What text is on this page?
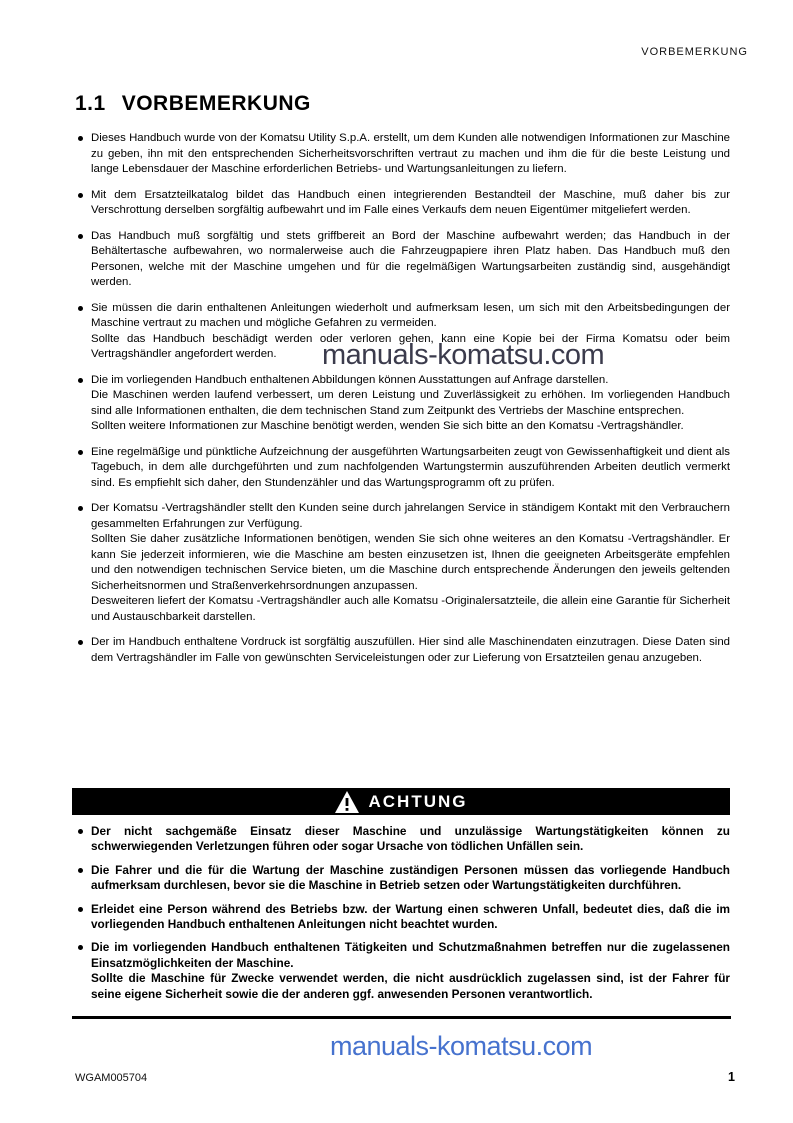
VORBEMERKUNG
1.1 VORBEMERKUNG

Dieses Handbuch wurde von der Komatsu Utility S.p.A. erstellt, um dem Kunden alle notwendigen Informationen zur Maschine zu geben, ihn mit den entsprechenden Sicherheitsvorschriften vertraut zu machen und ihm die für die beste Leistung und lange Lebensdauer der Maschine erforderlichen Betriebs- und Wartungsanleitungen zu liefern.

Mit dem Ersatzteilkatalog bildet das Handbuch einen integrierenden Bestandteil der Maschine, muß daher bis zur Verschrottung derselben sorgfältig aufbewahrt und im Falle eines Verkaufs dem neuen Eigentümer mitgeliefert werden.

Das Handbuch muß sorgfältig und stets griffbereit an Bord der Maschine aufbewahrt werden; das Handbuch in der Behältertasche aufbewahren, wo normalerweise auch die Fahrzeugpapiere ihren Platz haben. Das Handbuch muß den Personen, welche mit der Maschine umgehen und für die regelmäßigen Wartungsarbeiten zuständig sind, ausgehändigt werden.

Sie müssen die darin enthaltenen Anleitungen wiederholt und aufmerksam lesen, um sich mit den Arbeitsbedingungen der Maschine vertraut zu machen und mögliche Gefahren zu vermeiden.

Sollte das Handbuch beschädigt werden oder verloren gehen, kann eine Kopie bei der Firma Komatsu oder beim Vertragshändler angefordert werden.

Die im vorliegenden Handbuch enthaltenen Abbildungen können Ausstattungen auf Anfrage darstellen.

Die Maschinen werden laufend verbessert, um deren Leistung und Zuverlässigkeit zu erhöhen. Im vorliegenden Handbuch sind alle Informationen enthalten, die dem technischen Stand zum Zeitpunkt des Vertriebs der Maschine entsprechen.

Sollten weitere Informationen zur Maschine benötigt werden, wenden Sie sich bitte an den Komatsu -Vertragshändler.

Eine regelmäßige und pünktliche Aufzeichnung der ausgeführten Wartungsarbeiten zeugt von Gewissenhaftigkeit und dient als Tagebuch, in dem alle durchgeführten und zum nachfolgenden Wartungstermin auszuführenden Arbeiten deutlich vermerkt sind. Es empfiehlt sich daher, den Stundenzähler und das Wartungsprogramm oft zu prüfen.

Der Komatsu -Vertragshändler stellt den Kunden seine durch jahrelangen Service in ständigem Kontakt mit den Verbrauchern gesammelten Erfahrungen zur Verfügung.

Sollten Sie daher zusätzliche Informationen benötigen, wenden Sie sich ohne weiteres an den Komatsu -Vertragshändler. Er kann Sie jederzeit informieren, wie die Maschine am besten einzusetzen ist, Ihnen die geeigneten Arbeitsgeräte empfehlen und den notwendigen technischen Service bieten, um die Maschine durch entsprechende Änderungen den jeweils geltenden Sicherheitsnormen und Straßenverkehrsordnungen anzupassen.

Desweiteren liefert der Komatsu -Vertragshändler auch alle Komatsu -Originalersatzteile, die allein eine Garantie für Sicherheit und Austauschbarkeit darstellen.

Der im Handbuch enthaltene Vordruck ist sorgfältig auszufüllen. Hier sind alle Maschinendaten einzutragen. Diese Daten sind dem Vertragshändler im Falle von gewünschten Serviceleistungen oder zur Lieferung von Ersatzteilen genau anzugeben.

ACHTUNG

Der nicht sachgemäße Einsatz dieser Maschine und unzulässige Wartungstätigkeiten können zu schwerwiegenden Verletzungen führen oder sogar Ursache von tödlichen Unfällen sein.

Die Fahrer und die für die Wartung der Maschine zuständigen Personen müssen das vorliegende Handbuch aufmerksam durchlesen, bevor sie die Maschine in Betrieb setzen oder Wartungstätigkeiten durchführen.

Erleidet eine Person während des Betriebs bzw. der Wartung einen schweren Unfall, bedeutet dies, daß die im vorliegenden Handbuch enthaltenen Anleitungen nicht beachtet wurden.

Die im vorliegenden Handbuch enthaltenen Tätigkeiten und Schutzmaßnahmen betreffen nur die zugelassenen Einsatzmöglichkeiten der Maschine.

Sollte die Maschine für Zwecke verwendet werden, die nicht ausdrücklich zugelassen sind, ist der Fahrer für seine eigene Sicherheit sowie die der anderen ggf. anwesenden Personen verantwortlich.

WGAM005704	1
manuals-komatsu.com
manuals-komatsu.com
